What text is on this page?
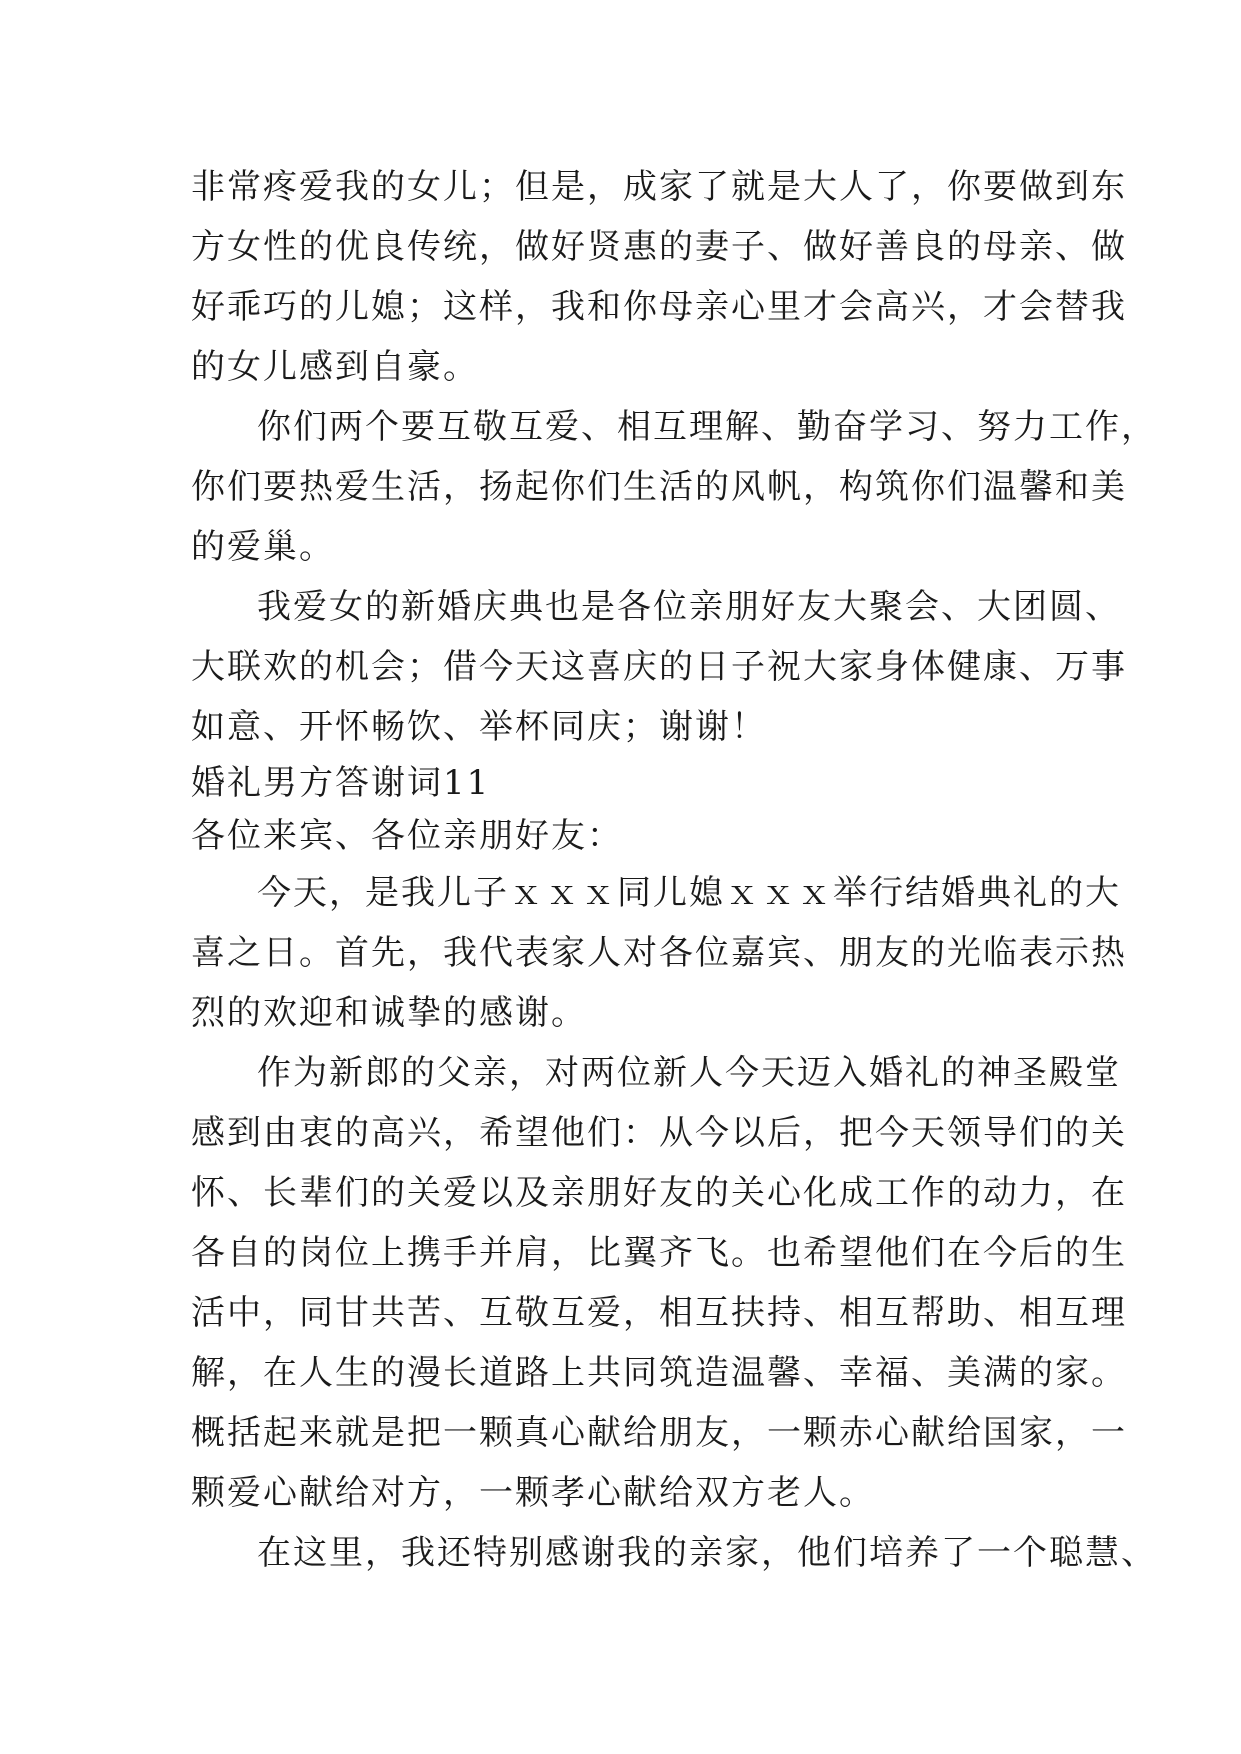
非常疼爱我的女儿；但是，成家了就是大人了，你要做到东
方女性的优良传统，做好贤惠的妻子、做好善良的母亲、做
好乖巧的儿媳；这样，我和你母亲心里才会高兴，才会替我
的女儿感到自豪。
你们两个要互敬互爱、相互理解、勤奋学习、努力工作，
你们要热爱生活，扬起你们生活的风帆，构筑你们温馨和美
的爱巢。
我爱女的新婚庆典也是各位亲朋好友大聚会、大团圆、
大联欢的机会；借今天这喜庆的日子祝大家身体健康、万事
如意、开怀畅饮、举杯同庆；谢谢！
婚礼男方答谢词11
各位来宾、各位亲朋好友：
今天，是我儿子ｘｘｘ同儿媳ｘｘｘ举行结婚典礼的大
喜之日。首先，我代表家人对各位嘉宾、朋友的光临表示热
烈的欢迎和诚挚的感谢。
作为新郎的父亲，对两位新人今天迈入婚礼的神圣殿堂
感到由衷的高兴，希望他们：从今以后，把今天领导们的关
怀、长辈们的关爱以及亲朋好友的关心化成工作的动力，在
各自的岗位上携手并肩，比翼齐飞。也希望他们在今后的生
活中，同甘共苦、互敬互爱，相互扶持、相互帮助、相互理
解，在人生的漫长道路上共同筑造温馨、幸福、美满的家。
概括起来就是把一颗真心献给朋友，一颗赤心献给国家，一
颗爱心献给对方，一颗孝心献给双方老人。
在这里，我还特别感谢我的亲家，他们培养了一个聪慧、
